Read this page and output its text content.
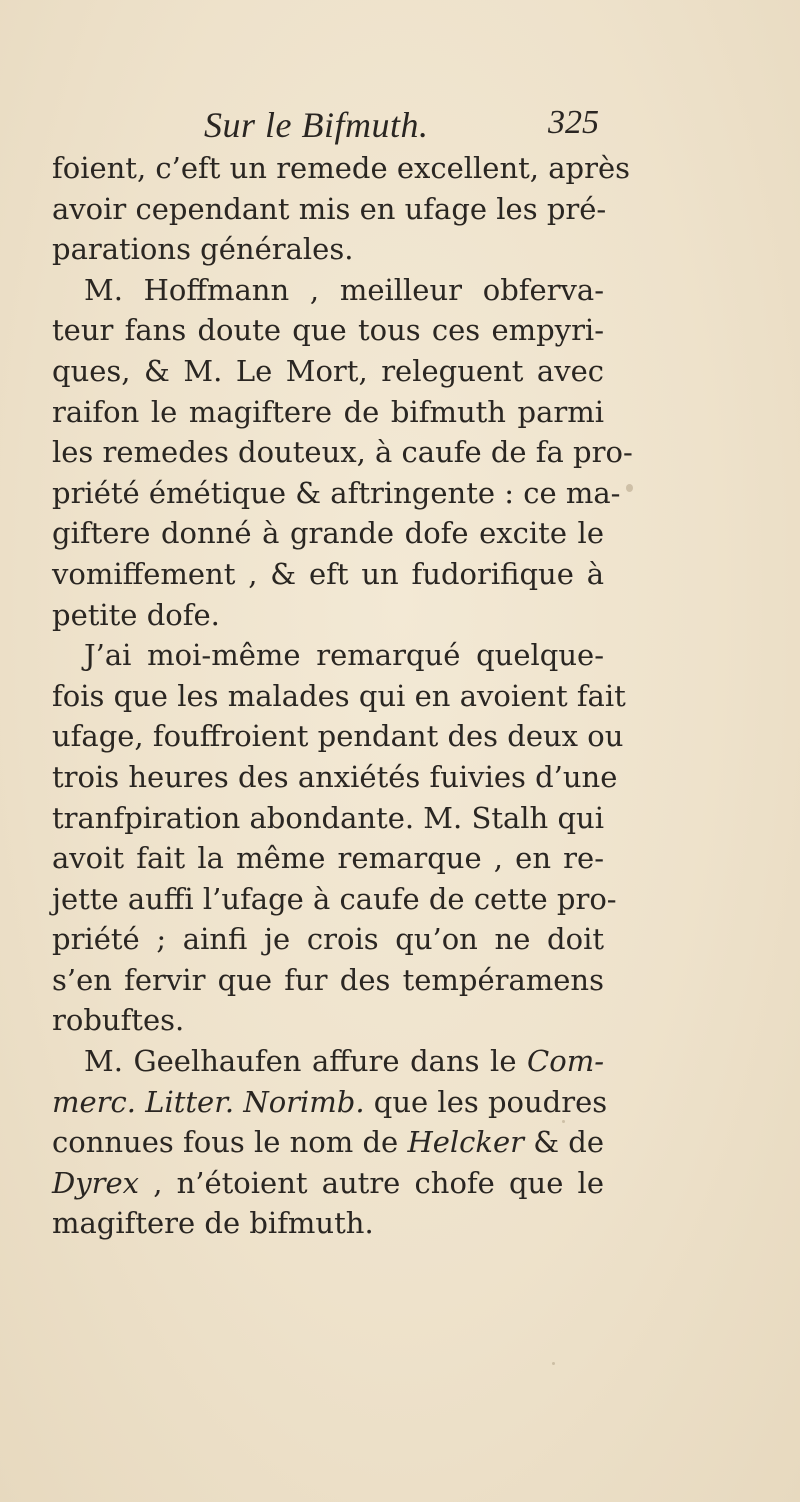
Sur le Bifmuth.	325
foient, c’eft un remede excellent, après
avoir cependant mis en ufage les pré-
parations générales.
M. Hoffmann , meilleur obferva-
teur fans doute que tous ces empyri-
ques, & M. Le Mort, releguent avec
raifon le magiftere de bifmuth parmi
les remedes douteux, à caufe de fa pro-
priété émétique & aftringente : ce ma-
giftere donné à grande dofe excite le
vomiffement , & eft un fudorifique à
petite dofe.
J’ai moi-même remarqué quelque-
fois que les malades qui en avoient fait
ufage, fouffroient pendant des deux ou
trois heures des anxiétés fuivies d’une
tranfpiration abondante. M. Stalh qui
avoit fait la même remarque , en re-
jette auffi l’ufage à caufe de cette pro-
priété ; ainfi je crois qu’on ne doit
s’en fervir que fur des tempéramens
robuftes.
M. Geelhaufen affure dans le Com-
merc. Litter. Norimb. que les poudres
connues fous le nom de Helcker & de
Dyrex , n’étoient autre chofe que le
magiftere de bifmuth.
